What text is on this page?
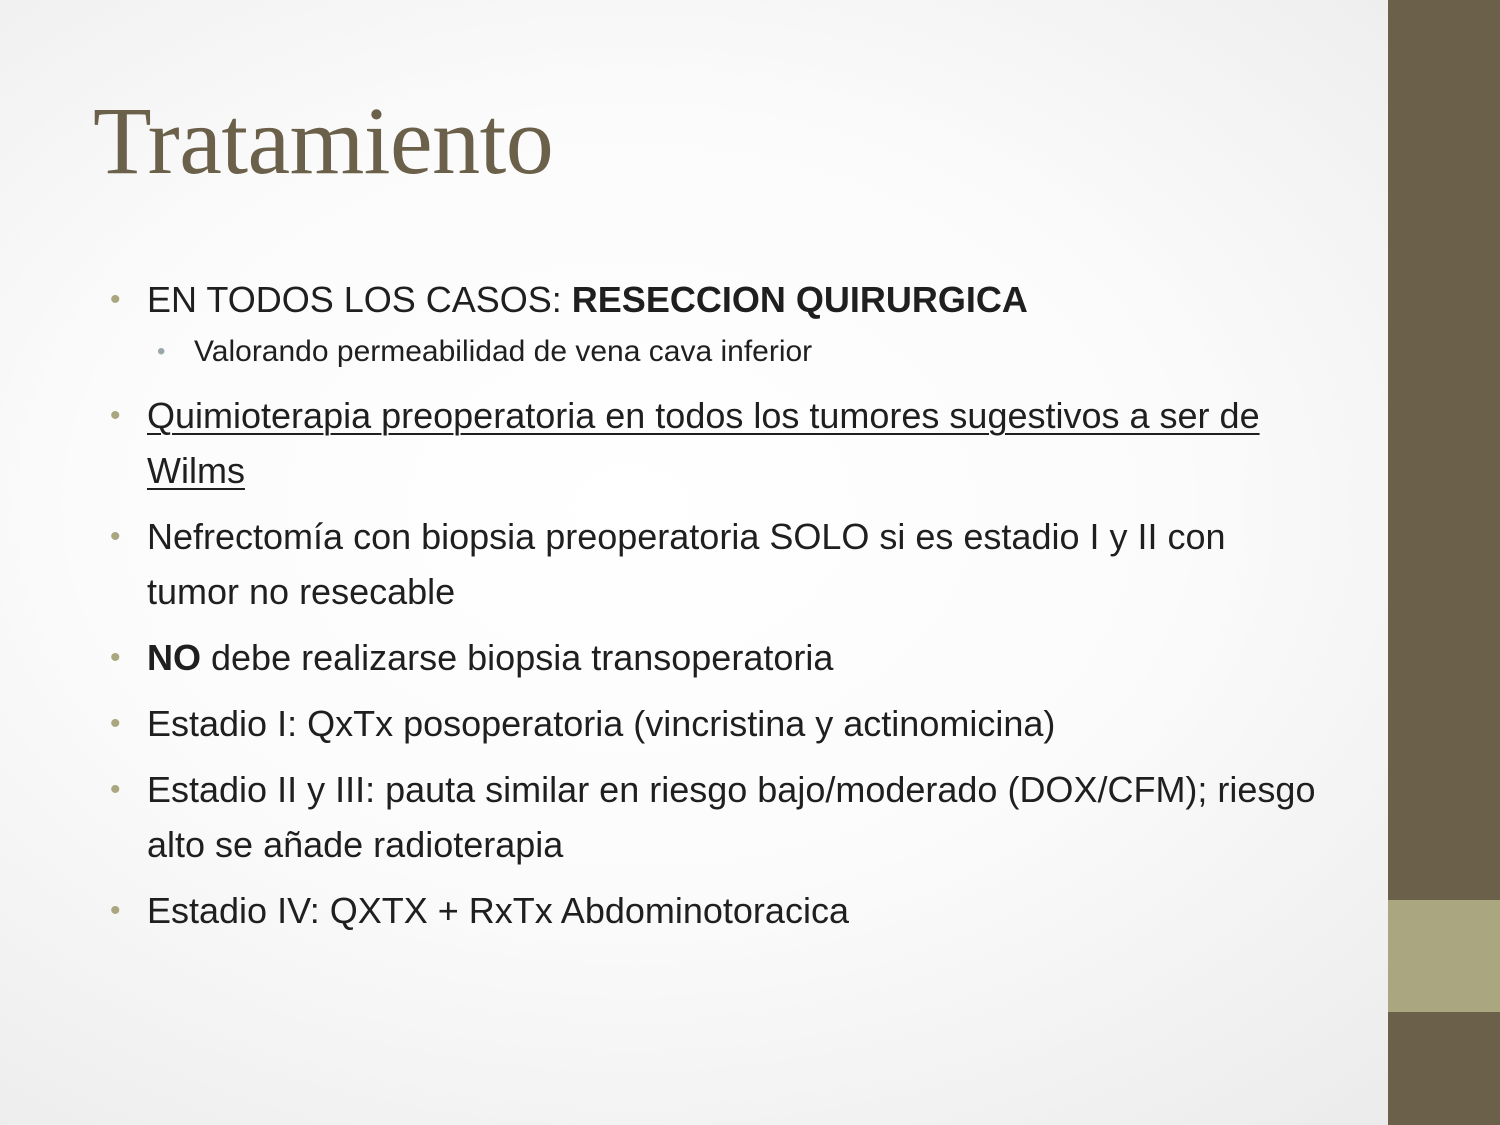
Tratamiento
• EN TODOS LOS CASOS: RESECCION QUIRURGICA
• Valorando permeabilidad de vena cava inferior
• Quimioterapia preoperatoria en todos los tumores sugestivos a ser de Wilms
• Nefrectomía con biopsia preoperatoria SOLO si es estadio I y II con tumor no resecable
• NO debe realizarse biopsia transoperatoria
• Estadio I: QxTx posoperatoria (vincristina y actinomicina)
• Estadio II y III: pauta similar en riesgo bajo/moderado (DOX/CFM); riesgo alto se añade radioterapia
• Estadio IV: QXTX + RxTx Abdominotoracica
